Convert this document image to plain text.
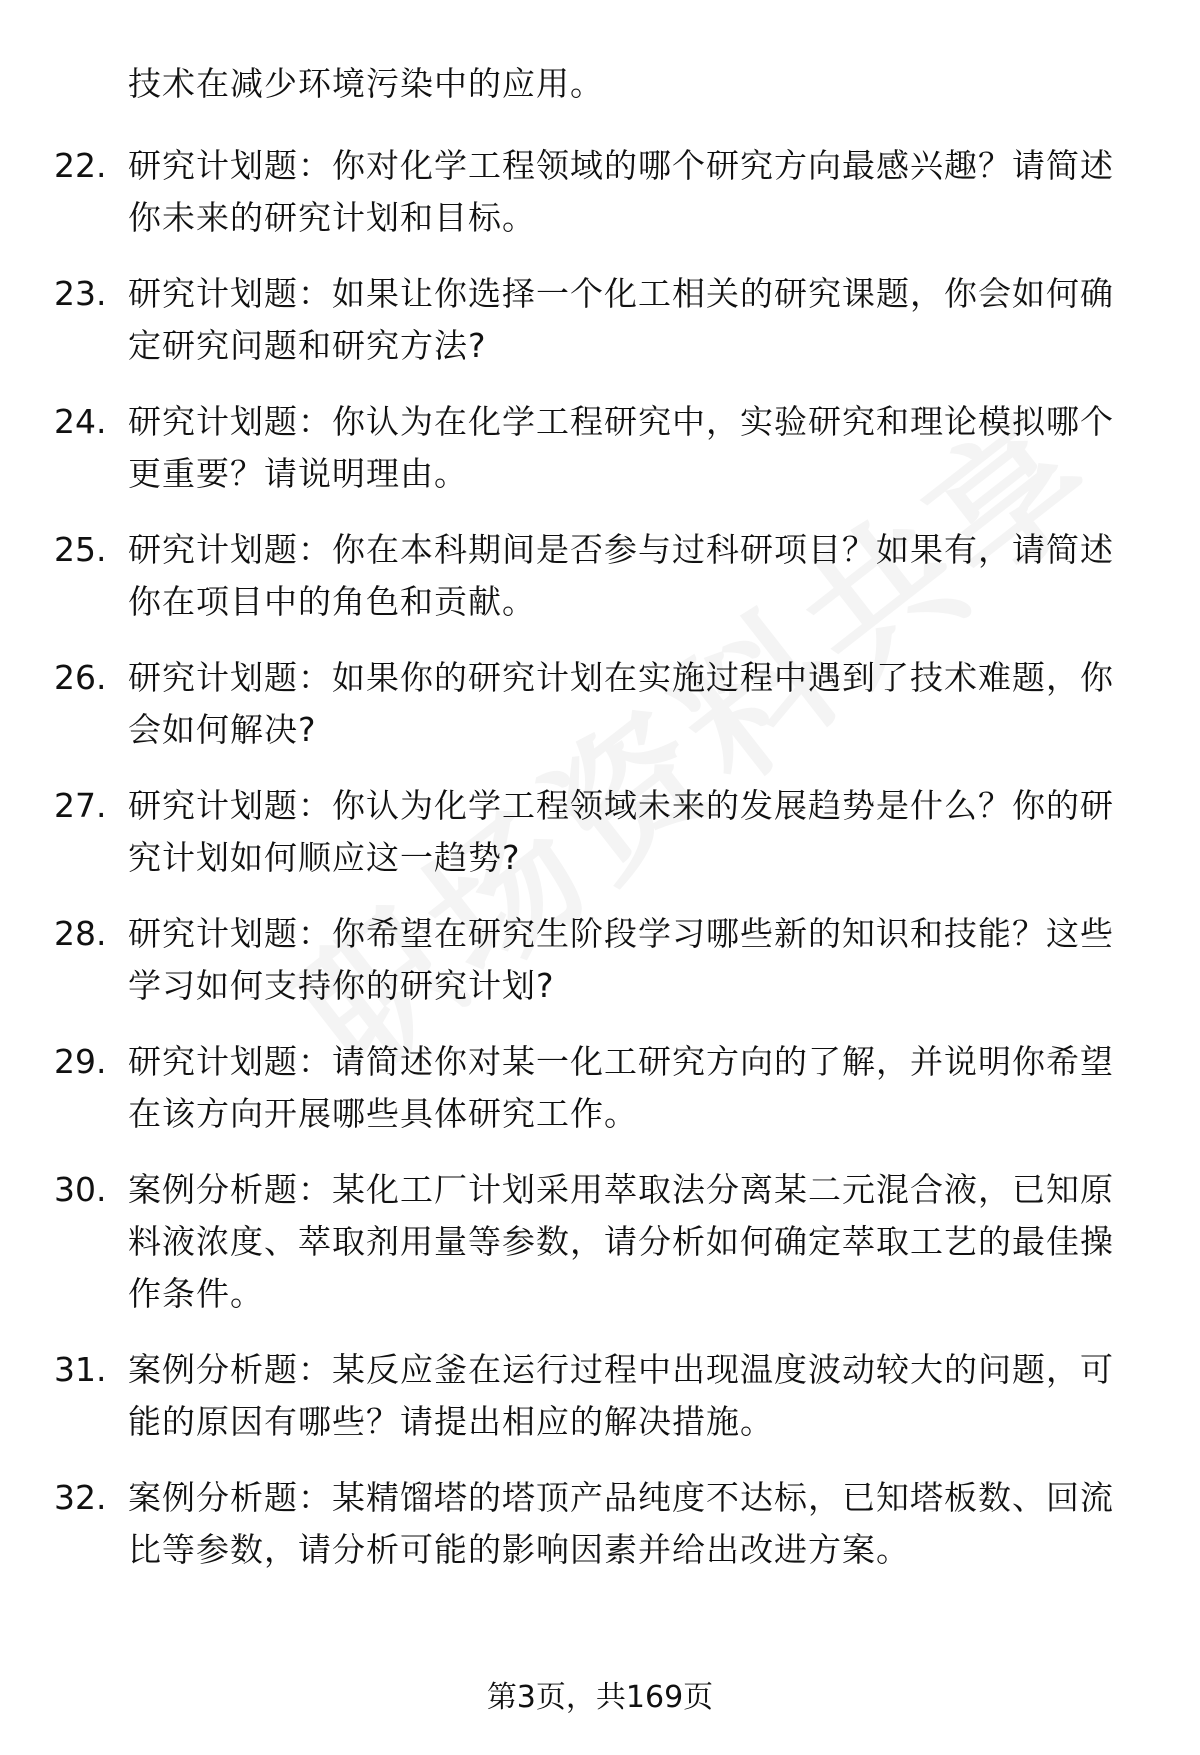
技术在减少环境污染中的应用。
22. 研究计划题：你对化学工程领域的哪个研究方向最感兴趣？请简述你未来的研究计划和目标。
23. 研究计划题：如果让你选择一个化工相关的研究课题，你会如何确定研究问题和研究方法?
24. 研究计划题：你认为在化学工程研究中，实验研究和理论模拟哪个更重要？请说明理由。
25. 研究计划题：你在本科期间是否参与过科研项目？如果有，请简述你在项目中的角色和贡献。
26. 研究计划题：如果你的研究计划在实施过程中遇到了技术难题，你会如何解决?
27. 研究计划题：你认为化学工程领域未来的发展趋势是什么？你的研究计划如何顺应这一趋势?
28. 研究计划题：你希望在研究生阶段学习哪些新的知识和技能？这些学习如何支持你的研究计划?
29. 研究计划题：请简述你对某一化工研究方向的了解，并说明你希望在该方向开展哪些具体研究工作。
30. 案例分析题：某化工厂计划采用萃取法分离某二元混合液，已知原料液浓度、萃取剂用量等参数，请分析如何确定萃取工艺的最佳操作条件。
31. 案例分析题：某反应釜在运行过程中出现温度波动较大的问题，可能的原因有哪些？请提出相应的解决措施。
32. 案例分析题：某精馏塔的塔顶产品纯度不达标，已知塔板数、回流比等参数，请分析可能的影响因素并给出改进方案。
第3页，共169页
